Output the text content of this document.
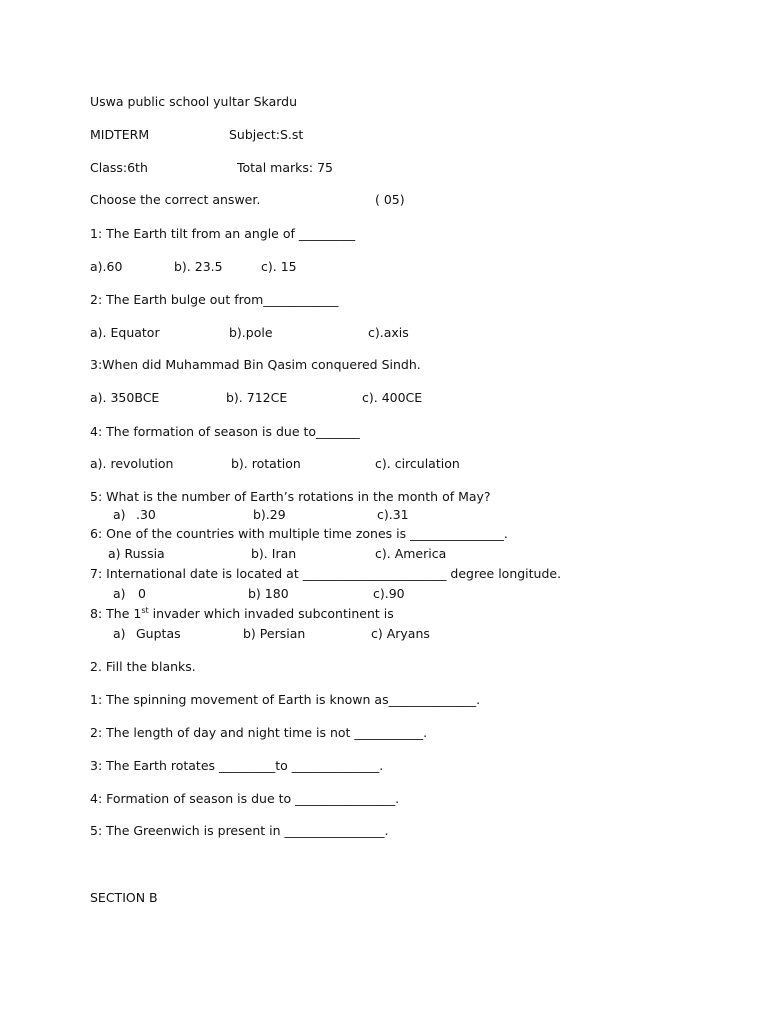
Uswa public school yultar Skardu
MIDTERM	Subject:S.st
Class:6th	Total marks: 75
Choose the correct answer.	( 05)
1: The Earth tilt from an angle of _________
a).60	b). 23.5	c). 15
2: The Earth bulge out from____________
a). Equator	b).pole	c).axis
3:When did Muhammad Bin Qasim conquered Sindh.
a). 350BCE	b). 712CE	c). 400CE
4: The formation of season is due to_______
a). revolution	b). rotation	c). circulation
5: What is the number of Earth’s rotations in the month of May?
a) .30	b).29	c).31
6: One of the countries with multiple time zones is _______________.
a) Russia	b). Iran	c). America
7: International date is located at _______________________ degree longitude.
a) 0	b) 180	c).90
8: The 1st invader which invaded subcontinent is
a) Guptas	b) Persian	c) Aryans
2. Fill the blanks.
1: The spinning movement of Earth is known as______________.
2: The length of day and night time is not ___________.
3: The Earth rotates _________to ______________.
4: Formation of season is due to ________________.
5: The Greenwich is present in ________________.
SECTION B
